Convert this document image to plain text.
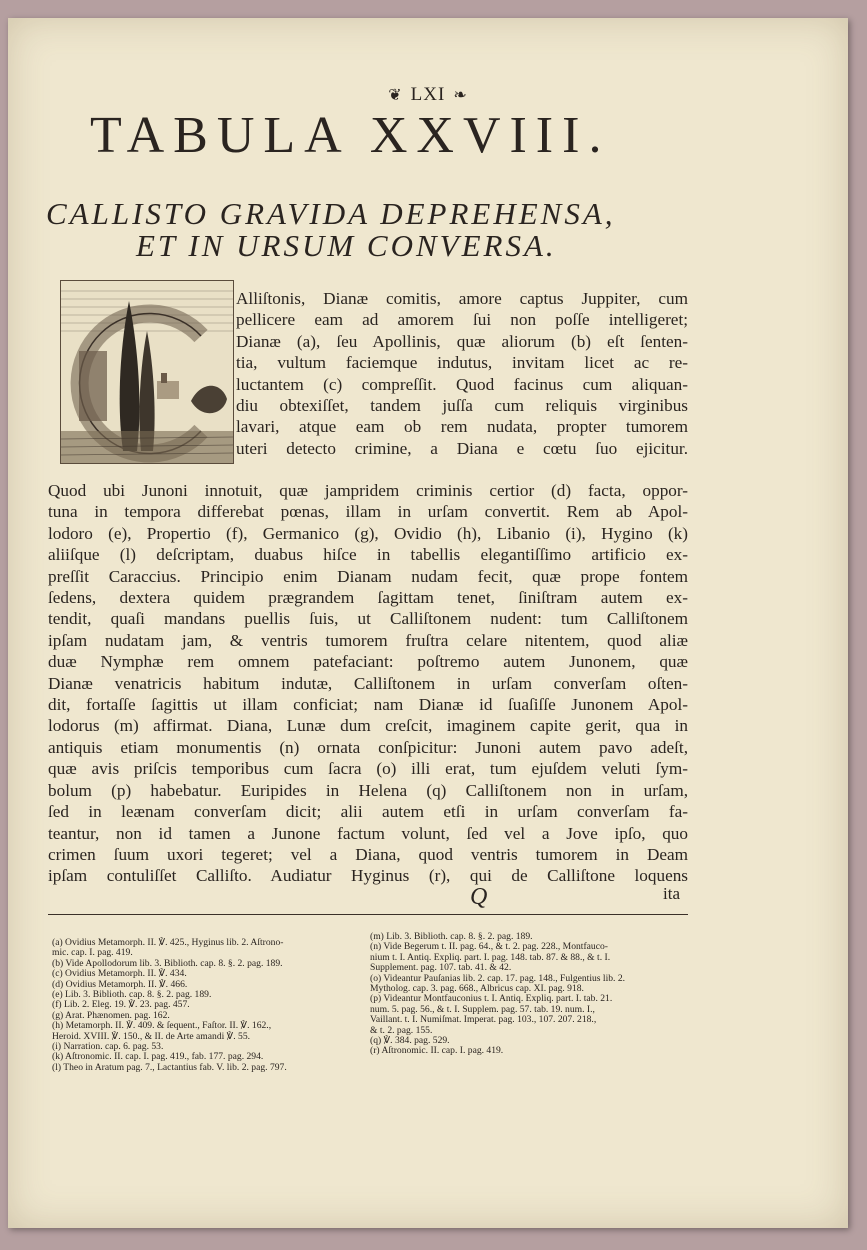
❦ LXI ❧
TABULA XXVIII.
CALLISTO GRAVIDA DEPREHENSA,
ET IN URSUM CONVERSA.
Alliſtonis, Dianæ comitis, amore captus Juppiter, cum
pellicere eam ad amorem ſui non poſſe intelligeret;
Dianæ (a), ſeu Apollinis, quæ aliorum (b) eſt ſenten-
tia, vultum faciemque indutus, invitam licet ac re-
luctantem (c) compreſſit. Quod facinus cum aliquan-
diu obtexiſſet, tandem juſſa cum reliquis virginibus
lavari, atque eam ob rem nudata, propter tumorem
uteri detecto crimine, a Diana e cœtu ſuo ejicitur.
Quod ubi Junoni innotuit, quæ jampridem criminis certior (d) facta, oppor-
tuna in tempora differebat pœnas, illam in urſam convertit. Rem ab Apol-
lodoro (e), Propertio (f), Germanico (g), Ovidio (h), Libanio (i), Hygino (k)
aliiſque (l) deſcriptam, duabus hiſce in tabellis elegantiſſimo artificio ex-
preſſit Caraccius. Principio enim Dianam nudam fecit, quæ prope fontem
ſedens, dextera quidem prægrandem ſagittam tenet, ſiniſtram autem ex-
tendit, quaſi mandans puellis ſuis, ut Calliſtonem nudent: tum Calliſtonem
ipſam nudatam jam, & ventris tumorem fruſtra celare nitentem, quod aliæ
duæ Nymphæ rem omnem patefaciant: poſtremo autem Junonem, quæ
Dianæ venatricis habitum indutæ, Calliſtonem in urſam converſam oſten-
dit, fortaſſe ſagittis ut illam conficiat; nam Dianæ id ſuaſiſſe Junonem Apol-
lodorus (m) affirmat. Diana, Lunæ dum creſcit, imaginem capite gerit, qua in
antiquis etiam monumentis (n) ornata conſpicitur: Junoni autem pavo adeſt,
quæ avis priſcis temporibus cum ſacra (o) illi erat, tum ejuſdem veluti ſym-
bolum (p) habebatur. Euripides in Helena (q) Calliſtonem non in urſam,
ſed in leænam converſam dicit; alii autem etſi in urſam converſam fa-
teantur, non id tamen a Junone factum volunt, ſed vel a Jove ipſo, quo
crimen ſuum uxori tegeret; vel a Diana, quod ventris tumorem in Deam
ipſam contuliſſet Calliſto. Audiatur Hyginus (r), qui de Calliſtone loquens
Q	ita
(a) Ovidius Metamorph. II. ℣. 425., Hyginus lib. 2. Aſtrono-
mic. cap. I. pag. 419.
(b) Vide Apollodorum lib. 3. Biblioth. cap. 8. §. 2. pag. 189.
(c) Ovidius Metamorph. II. ℣. 434.
(d) Ovidius Metamorph. II. ℣. 466.
(e) Lib. 3. Biblioth. cap. 8. §. 2. pag. 189.
(f) Lib. 2. Eleg. 19. ℣. 23. pag. 457.
(g) Arat. Phænomen. pag. 162.
(h) Metamorph. II. ℣. 409. & ſequent., Faſtor. II. ℣. 162.,
Heroid. XVIII. ℣. 150., & II. de Arte amandi ℣. 55.
(i) Narration. cap. 6. pag. 53.
(k) Aſtronomic. II. cap. I. pag. 419., fab. 177. pag. 294.
(l) Theo in Aratum pag. 7., Lactantius fab. V. lib. 2. pag. 797.
(m) Lib. 3. Biblioth. cap. 8. §. 2. pag. 189.
(n) Vide Begerum t. II. pag. 64., & t. 2. pag. 228., Montfauco-
nium t. I. Antiq. Expliq. part. I. pag. 148. tab. 87. & 88., & t. I.
Supplement. pag. 107. tab. 41. & 42.
(o) Videantur Pauſanias lib. 2. cap. 17. pag. 148., Fulgentius lib. 2.
Mytholog. cap. 3. pag. 668., Albricus cap. XI. pag. 918.
(p) Videantur Montfauconius t. I. Antiq. Expliq. part. I. tab. 21.
num. 5. pag. 56., & t. I. Supplem. pag. 57. tab. 19. num. I.,
Vaillant. t. I. Numiſmat. Imperat. pag. 103., 107. 207. 218.,
& t. 2. pag. 155.
(q) ℣. 384. pag. 529.
(r) Aſtronomic. II. cap. I. pag. 419.
